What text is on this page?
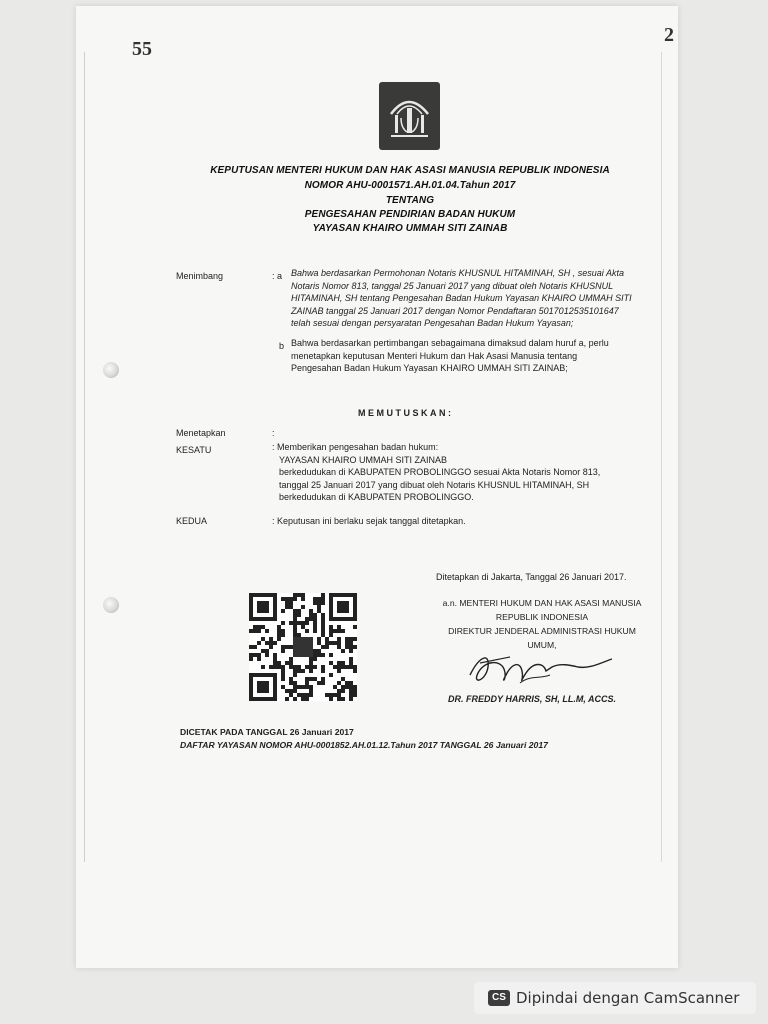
55
2
KEPUTUSAN MENTERI HUKUM DAN HAK ASASI MANUSIA REPUBLIK INDONESIA
NOMOR AHU-0001571.AH.01.04.Tahun 2017
TENTANG
PENGESAHAN PENDIRIAN BADAN HUKUM
YAYASAN KHAIRO UMMAH SITI ZAINAB
Menimbang	: a Bahwa berdasarkan Permohonan Notaris KHUSNUL HITAMINAH, SH , sesuai Akta
Notaris Nomor 813, tanggal 25 Januari 2017 yang dibuat oleh Notaris KHUSNUL
HITAMINAH, SH tentang Pengesahan Badan Hukum Yayasan KHAIRO UMMAH SITI
ZAINAB tanggal 25 Januari 2017 dengan Nomor Pendaftaran 5017012535101647
telah sesuai dengan persyaratan Pengesahan Badan Hukum Yayasan;
b Bahwa berdasarkan pertimbangan sebagaimana dimaksud dalam huruf a, perlu
menetapkan keputusan Menteri Hukum dan Hak Asasi Manusia tentang
Pengesahan Badan Hukum Yayasan KHAIRO UMMAH SITI ZAINAB;
MEMUTUSKAN:
Menetapkan	:
KESATU	: Memberikan pengesahan badan hukum:
YAYASAN KHAIRO UMMAH SITI ZAINAB
berkedudukan di KABUPATEN PROBOLINGGO sesuai Akta Notaris Nomor 813,
tanggal 25 Januari 2017 yang dibuat oleh Notaris KHUSNUL HITAMINAH, SH
berkedudukan di KABUPATEN PROBOLINGGO.
KEDUA	: Keputusan ini berlaku sejak tanggal ditetapkan.
Ditetapkan di Jakarta, Tanggal 26 Januari 2017.
a.n. MENTERI HUKUM DAN HAK ASASI MANUSIA
REPUBLIK INDONESIA
DIREKTUR JENDERAL ADMINISTRASI HUKUM
UMUM,
DR. FREDDY HARRIS, SH, LL.M, ACCS.
DICETAK PADA TANGGAL 26 Januari 2017
DAFTAR YAYASAN NOMOR AHU-0001852.AH.01.12.Tahun 2017 TANGGAL 26 Januari 2017
CS Dipindai dengan CamScanner
